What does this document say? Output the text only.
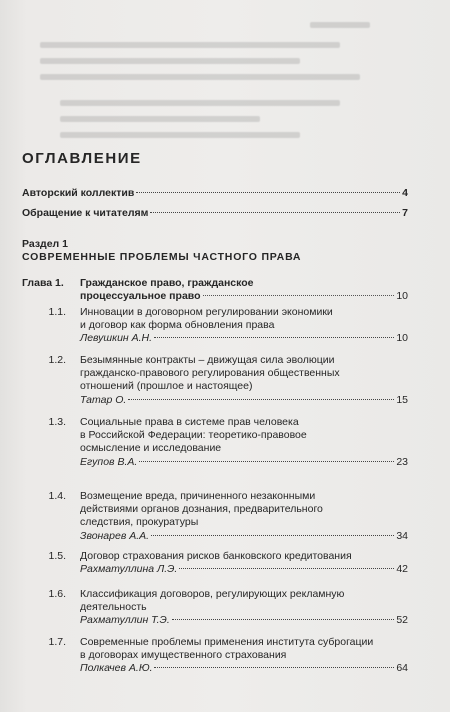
ОГЛАВЛЕНИЕ
Авторский коллектив	4
Обращение к читателям	7
Раздел 1
СОВРЕМЕННЫЕ ПРОБЛЕМЫ ЧАСТНОГО ПРАВА
Глава 1. Гражданское право, гражданское
процессуальное право	10
1.1. Инновации в договорном регулировании экономики
и договор как форма обновления права
Левушкин А.Н.	10
1.2. Безымянные контракты – движущая сила эволюции
гражданско-правового регулирования общественных
отношений (прошлое и настоящее)
Татар О.	15
1.3. Социальные права в системе прав человека
в Российской Федерации: теоретико-правовое
осмысление и исследование
Егупов В.А.	23
1.4. Возмещение вреда, причиненного незаконными
действиями органов дознания, предварительного
следствия, прокуратуры
Звонарев А.А.	34
1.5. Договор страхования рисков банковского кредитования
Рахматуллина Л.Э.	42
1.6. Классификация договоров, регулирующих рекламную
деятельность
Рахматуллин Т.Э.	52
1.7. Современные проблемы применения института суброгации
в договорах имущественного страхования
Полкачев А.Ю.	64
